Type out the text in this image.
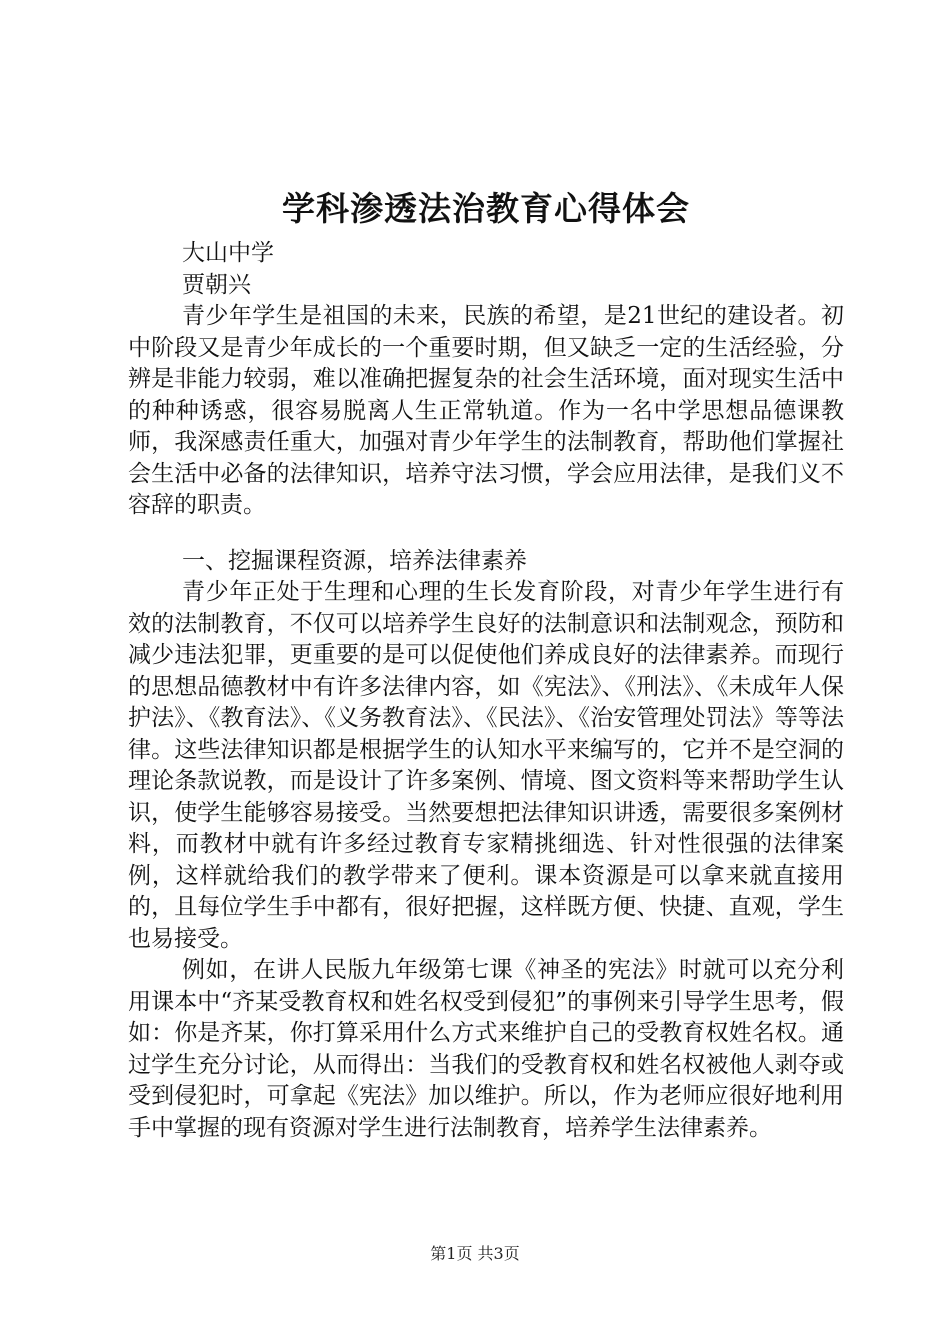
学科渗透法治教育心得体会

大山中学

贾朝兴

青少年学生是祖国的未来，民族的希望，是21世纪的建设者。初中阶段又是青少年成长的一个重要时期，但又缺乏一定的生活经验，分辨是非能力较弱，难以准确把握复杂的社会生活环境，面对现实生活中的种种诱惑，很容易脱离人生正常轨道。作为一名中学思想品德课教师，我深感责任重大，加强对青少年学生的法制教育，帮助他们掌握社会生活中必备的法律知识，培养守法习惯，学会应用法律，是我们义不容辞的职责。

一、挖掘课程资源，培养法律素养

青少年正处于生理和心理的生长发育阶段，对青少年学生进行有效的法制教育，不仅可以培养学生良好的法制意识和法制观念，预防和减少违法犯罪，更重要的是可以促使他们养成良好的法律素养。而现行的思想品德教材中有许多法律内容，如《宪法》、《刑法》、《未成年人保护法》、《教育法》、《义务教育法》、《民法》、《治安管理处罚法》等等法律。这些法律知识都是根据学生的认知水平来编写的，它并不是空洞的理论条款说教，而是设计了许多案例、情境、图文资料等来帮助学生认识，使学生能够容易接受。当然要想把法律知识讲透，需要很多案例材料，而教材中就有许多经过教育专家精挑细选、针对性很强的法律案例，这样就给我们的教学带来了便利。课本资源是可以拿来就直接用的，且每位学生手中都有，很好把握，这样既方便、快捷、直观，学生也易接受。

例如，在讲人民版九年级第七课《神圣的宪法》时就可以充分利用课本中“齐某受教育权和姓名权受到侵犯”的事例来引导学生思考，假如：你是齐某，你打算采用什么方式来维护自己的受教育权姓名权。通过学生充分讨论，从而得出：当我们的受教育权和姓名权被他人剥夺或受到侵犯时，可拿起《宪法》加以维护。所以，作为老师应很好地利用手中掌握的现有资源对学生进行法制教育，培养学生法律素养。

第1页 共3页
